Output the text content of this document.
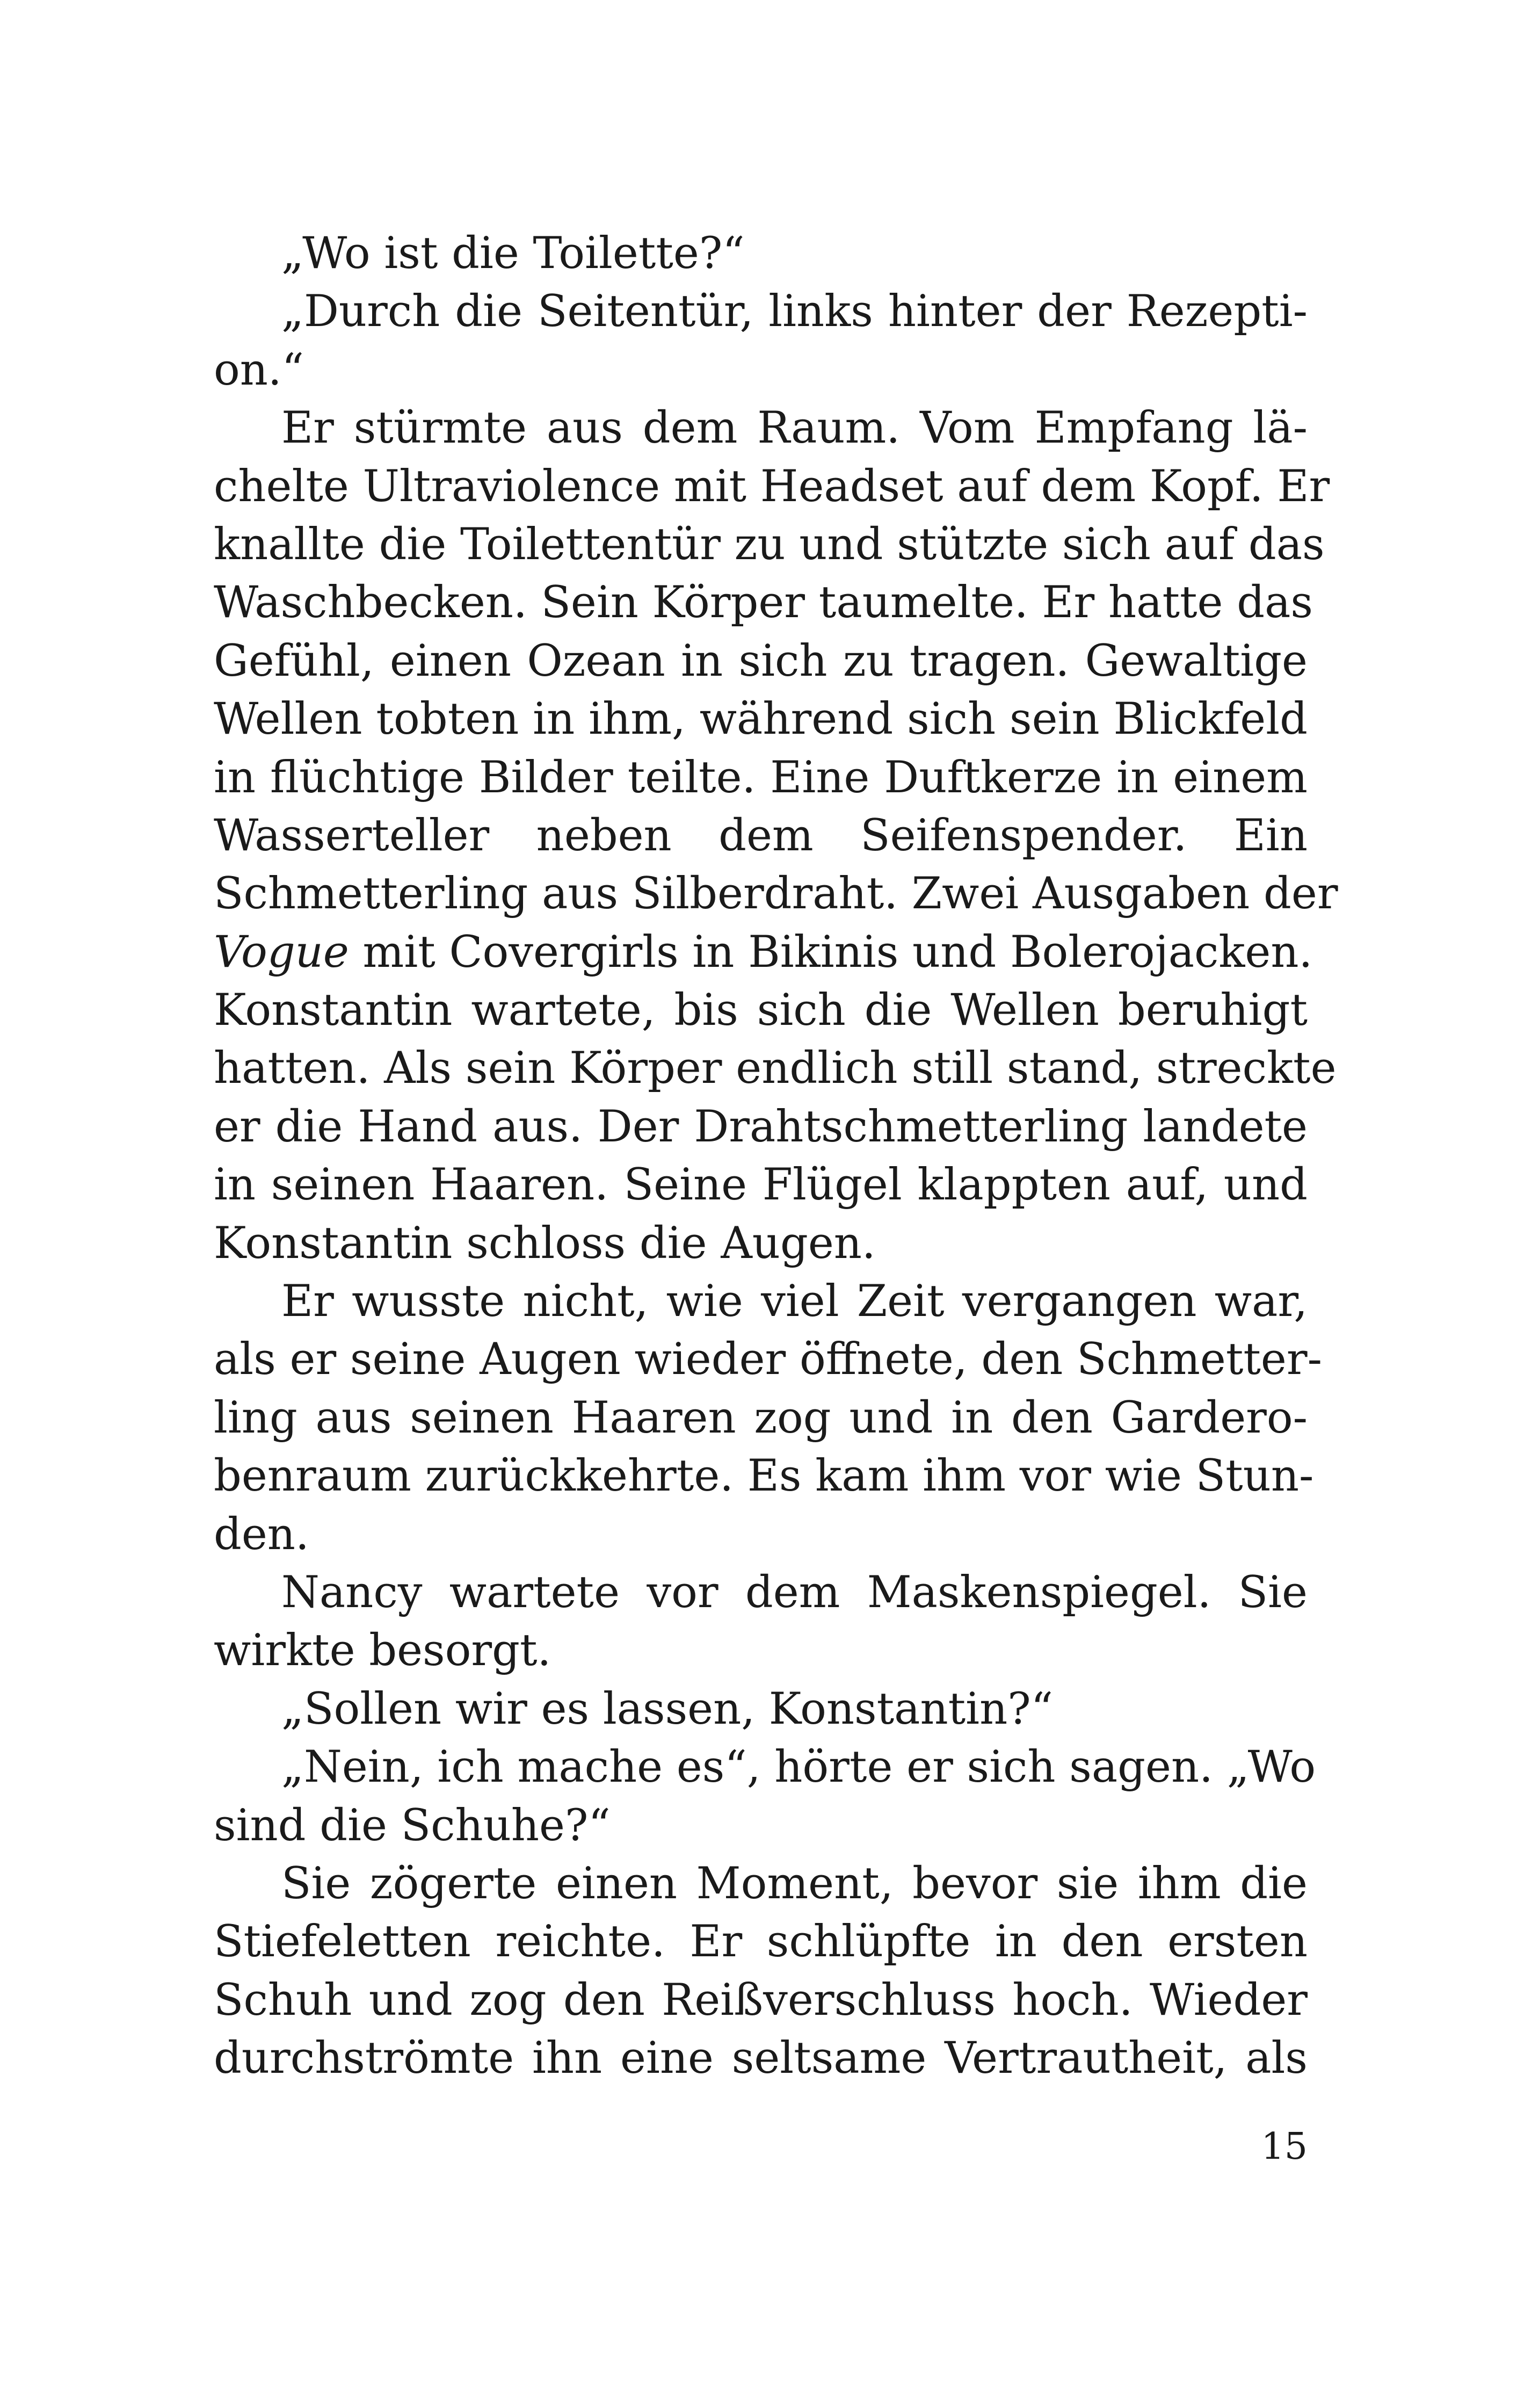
„Wo ist die Toilette?“
„Durch die Seitentür, links hinter der Rezepti-
on.“
Er stürmte aus dem Raum. Vom Empfang lä-
chelte Ultraviolence mit Headset auf dem Kopf. Er
knallte die Toilettentür zu und stützte sich auf das
Waschbecken. Sein Körper taumelte. Er hatte das
Gefühl, einen Ozean in sich zu tragen. Gewaltige
Wellen tobten in ihm, während sich sein Blickfeld
in flüchtige Bilder teilte. Eine Duftkerze in einem
Wasserteller neben dem Seifenspender. Ein
Schmetterling aus Silberdraht. Zwei Ausgaben der
Vogue mit Covergirls in Bikinis und Bolerojacken.
Konstantin wartete, bis sich die Wellen beruhigt
hatten. Als sein Körper endlich still stand, streckte
er die Hand aus. Der Drahtschmetterling landete
in seinen Haaren. Seine Flügel klappten auf, und
Konstantin schloss die Augen.
Er wusste nicht, wie viel Zeit vergangen war,
als er seine Augen wieder öffnete, den Schmetter-
ling aus seinen Haaren zog und in den Gardero-
benraum zurückkehrte. Es kam ihm vor wie Stun-
den.
Nancy wartete vor dem Maskenspiegel. Sie
wirkte besorgt.
„Sollen wir es lassen, Konstantin?“
„Nein, ich mache es“, hörte er sich sagen. „Wo
sind die Schuhe?“
Sie zögerte einen Moment, bevor sie ihm die
Stiefeletten reichte. Er schlüpfte in den ersten
Schuh und zog den Reißverschluss hoch. Wieder
durchströmte ihn eine seltsame Vertrautheit, als
15
